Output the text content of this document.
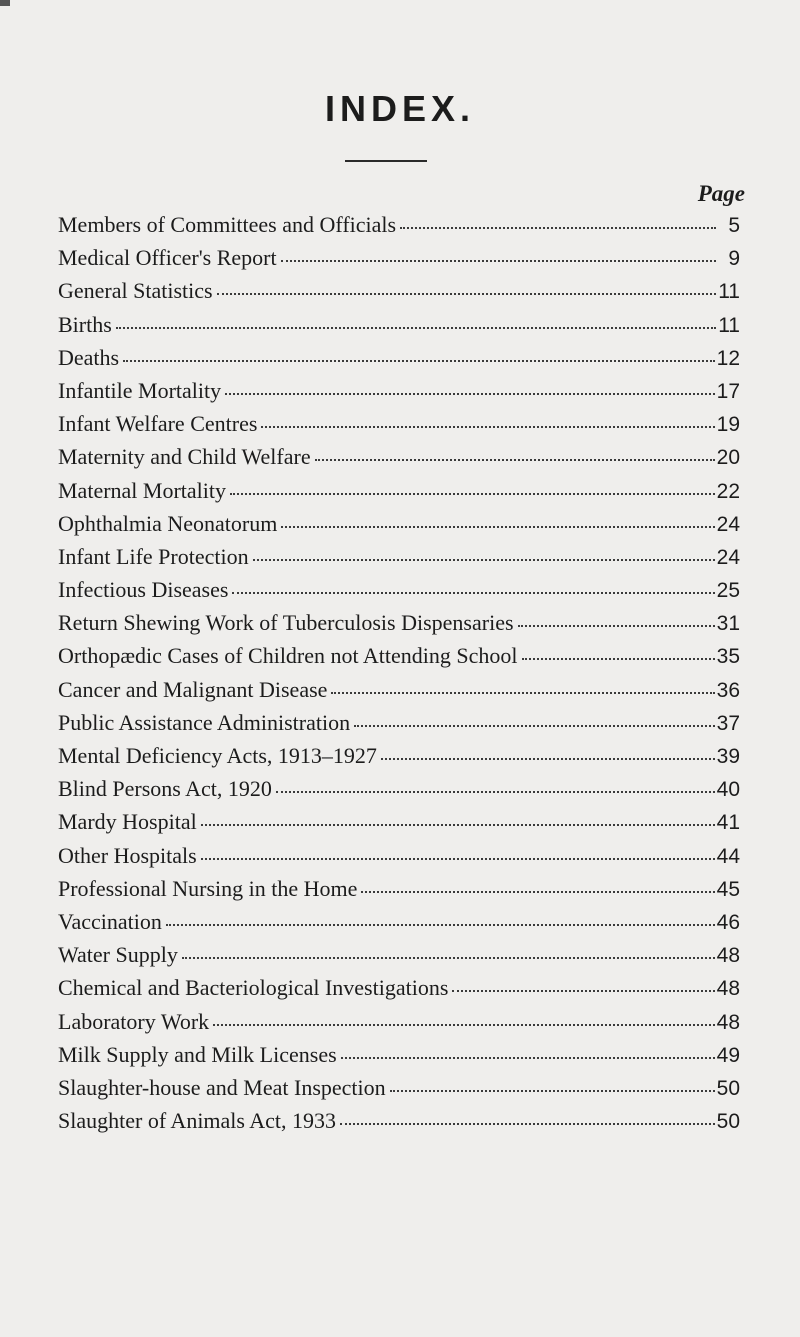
INDEX.
Page
Members of Committees and Officials	5
Medical Officer's Report	9
General Statistics	11
Births	11
Deaths	12
Infantile Mortality	17
Infant Welfare Centres	19
Maternity and Child Welfare	20
Maternal Mortality	22
Ophthalmia Neonatorum	24
Infant Life Protection	24
Infectious Diseases	25
Return Shewing Work of Tuberculosis Dispensaries	31
Orthopædic Cases of Children not Attending School	35
Cancer and Malignant Disease	36
Public Assistance Administration	37
Mental Deficiency Acts, 1913–1927	39
Blind Persons Act, 1920	40
Mardy Hospital	41
Other Hospitals	44
Professional Nursing in the Home	45
Vaccination	46
Water Supply	48
Chemical and Bacteriological Investigations	48
Laboratory Work	48
Milk Supply and Milk Licenses	49
Slaughter-house and Meat Inspection	50
Slaughter of Animals Act, 1933	50
